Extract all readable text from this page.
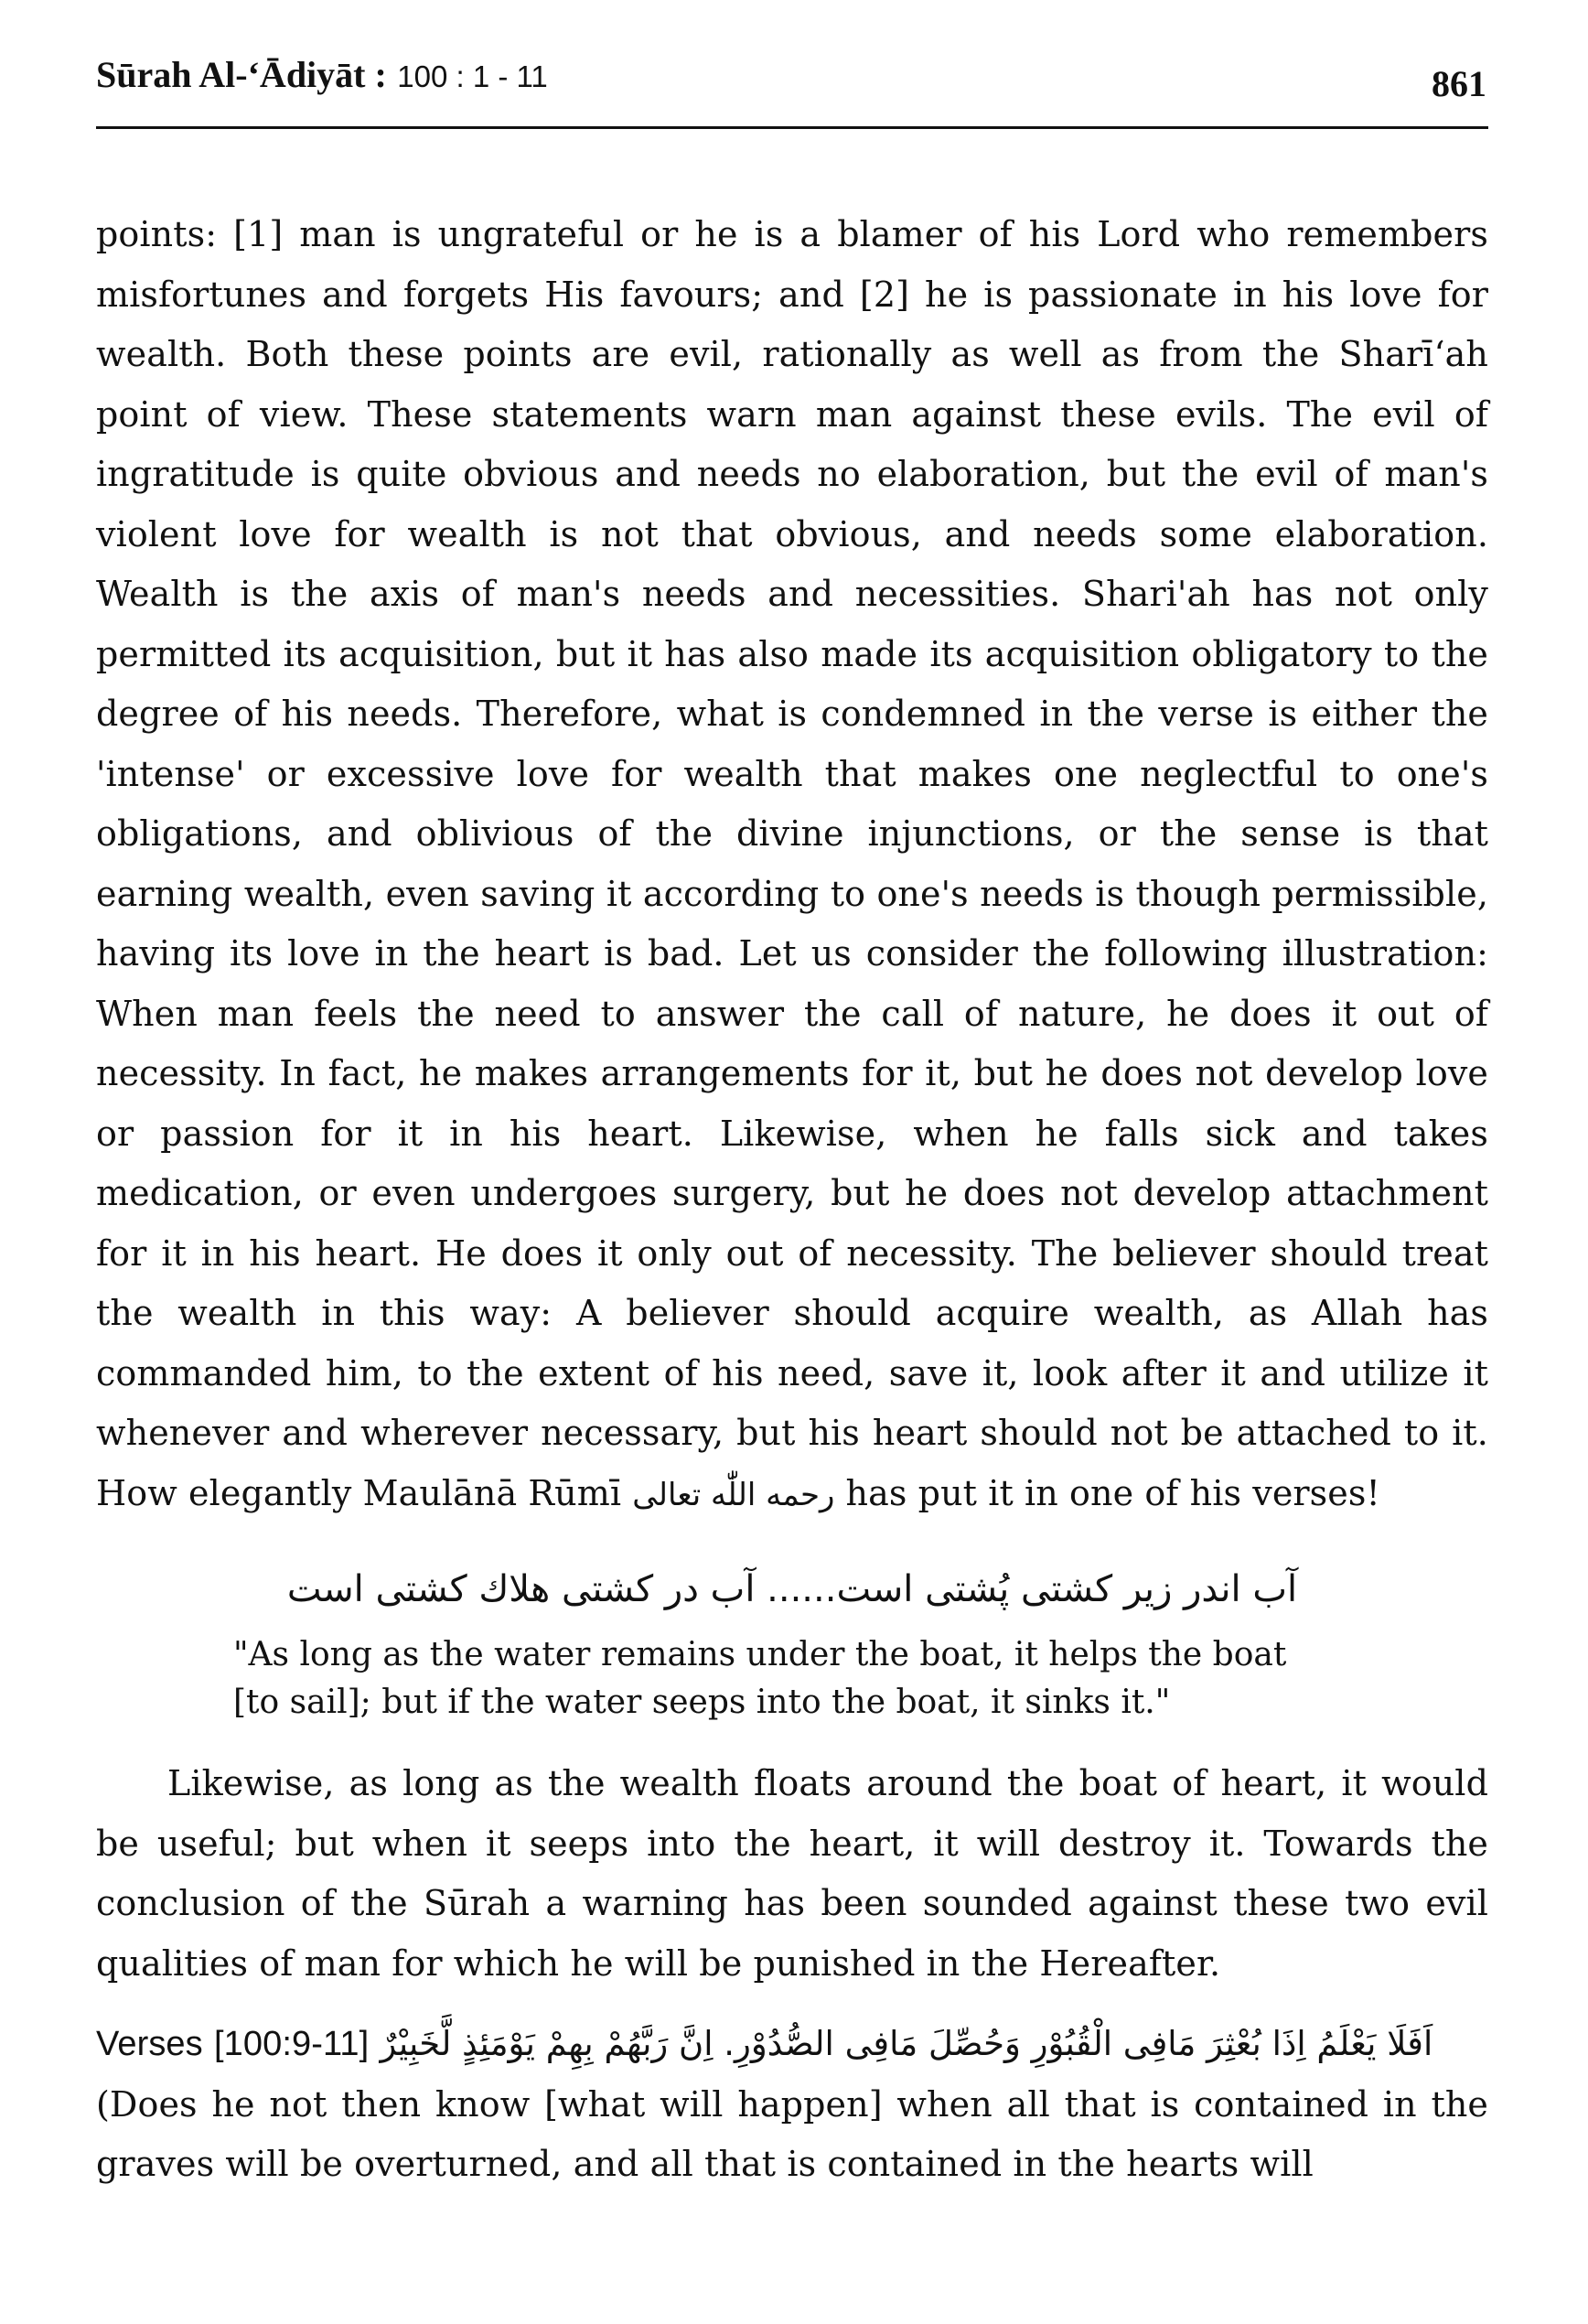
Sūrah Al-‘Ādiyāt : 100 : 1 - 11	861

points: [1] man is ungrateful or he is a blamer of his Lord who remembers misfortunes and forgets His favours; and [2] he is passionate in his love for wealth. Both these points are evil, rationally as well as from the Sharī‘ah point of view. These statements warn man against these evils. The evil of ingratitude is quite obvious and needs no elaboration, but the evil of man's violent love for wealth is not that obvious, and needs some elaboration. Wealth is the axis of man's needs and necessities. Shari'ah has not only permitted its acquisition, but it has also made its acquisition obligatory to the degree of his needs. Therefore, what is condemned in the verse is either the 'intense' or excessive love for wealth that makes one neglectful to one's obligations, and oblivious of the divine injunctions, or the sense is that earning wealth, even saving it according to one's needs is though permissible, having its love in the heart is bad. Let us consider the following illustration: When man feels the need to answer the call of nature, he does it out of necessity. In fact, he makes arrangements for it, but he does not develop love or passion for it in his heart. Likewise, when he falls sick and takes medication, or even undergoes surgery, but he does not develop attachment for it in his heart. He does it only out of necessity. The believer should treat the wealth in this way: A believer should acquire wealth, as Allah has commanded him, to the extent of his need, save it, look after it and utilize it whenever and wherever necessary, but his heart should not be attached to it. How elegantly Maulānā Rūmī رحمه اللّٰه تعالی has put it in one of his verses!

آب اندر زیر کشتی پُشتی است...... آب در کشتی هلاك کشتی است
"As long as the water remains under the boat, it helps the boat
[to sail]; but if the water seeps into the boat, it sinks it."

Likewise, as long as the wealth floats around the boat of heart, it would be useful; but when it seeps into the heart, it will destroy it. Towards the conclusion of the Sūrah a warning has been sounded against these two evil qualities of man for which he will be punished in the Hereafter.

Verses [100:9-11] اَفَلَا يَعْلَمُ اِذَا بُعْثِرَ مَافِى الْقُبُوْرِ وَحُصِّلَ مَافِى الصُّدُوْرِ. اِنَّ رَبَّهُمْ بِهِمْ يَوْمَئِذٍ لَّخَبِيْرٌ

(Does he not then know [what will happen] when all that is contained in the graves will be overturned, and all that is contained in the hearts will
